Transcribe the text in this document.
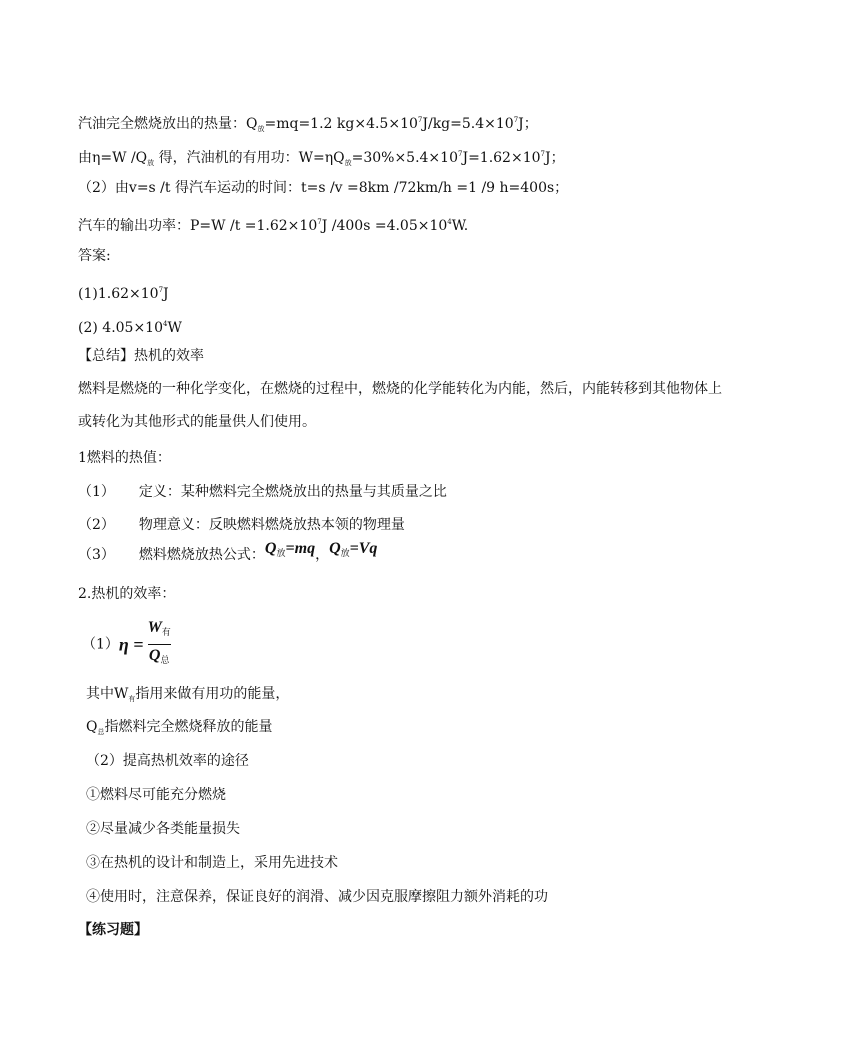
汽油完全燃烧放出的热量：$Q_放=mq=1.2$ $kg\times 4.5\times 10^7J/kg=5.4\times 10^7J$；
由η=W $/Q_放$ 得，汽油机的有用功：$W=\eta Q_放=30\%\times 5.4\times 10^7J=1.62\times 10^7J$；
（2）由v=s /t 得汽车运动的时间：t=s /v =8km /72km/h =1 /9 h=400s；
汽车的输出功率：P=W $/t =1.62\times 10^7J$ $/400s =4.05\times 10^4W$.
答案:
$(1)1.62\times 10^7J$
(2) $4.05\times 10^4W$
【总结】热机的效率
燃料是燃烧的一种化学变化，在燃烧的过程中，燃烧的化学能转化为内能，然后，内能转移到其他物体上
或转化为其他形式的能量供人们使用。
1燃料的热值：
（1） 定义：某种燃料完全燃烧放出的热量与其质量之比
（2） 物理意义：反映燃料燃烧放热本领的物理量
（3） 燃料燃烧放热公式：Q放=mq，Q放=Vq
2.热机的效率：
$(1)\eta = \frac{\text{W有}}{\text{Q总}}$
其中$W_有$指用来做有用功的能量，
$Q_总$指燃料完全燃烧释放的能量
（2）提高热机效率的途径
①燃料尽可能充分燃烧
②尽量减少各类能量损失
③在热机的设计和制造上，采用先进技术
④使用时，注意保养，保证良好的润滑、减少因克服摩擦阻力额外消耗的功
【练习题】
